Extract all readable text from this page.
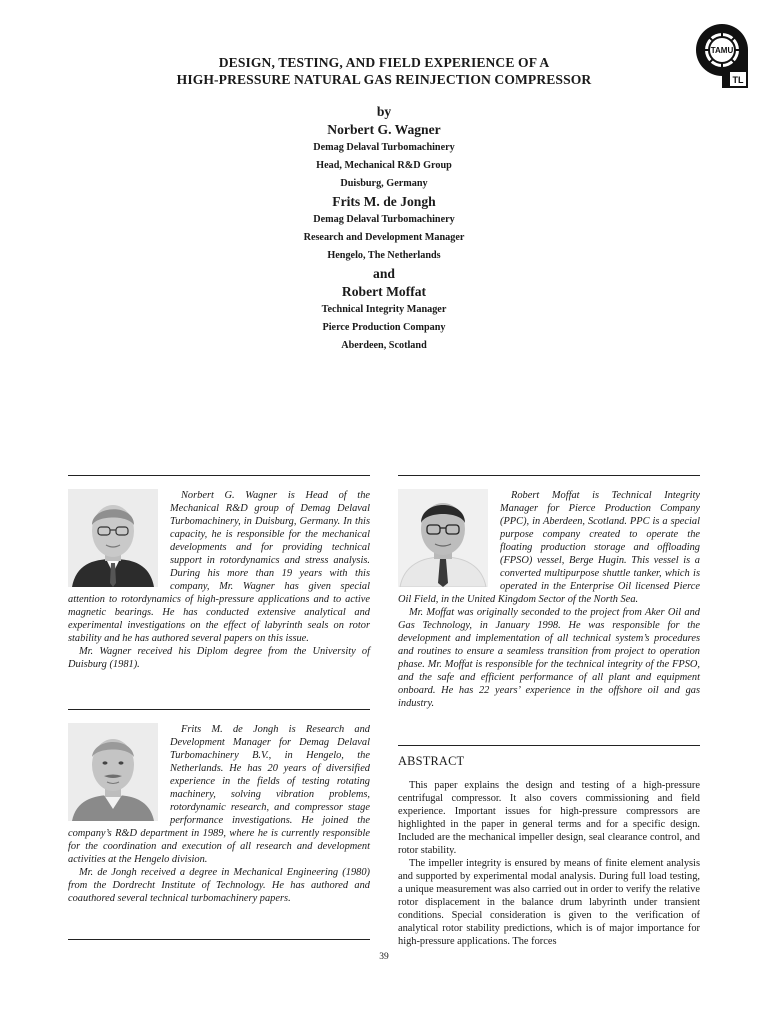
TAMU
TL
DESIGN, TESTING, AND FIELD EXPERIENCE OF A
HIGH-PRESSURE NATURAL GAS REINJECTION COMPRESSOR
by
Norbert G. Wagner
Demag Delaval Turbomachinery
Head, Mechanical R&D Group
Duisburg, Germany
Frits M. de Jongh
Demag Delaval Turbomachinery
Research and Development Manager
Hengelo, The Netherlands
and
Robert Moffat
Technical Integrity Manager
Pierce Production Company
Aberdeen, Scotland

Norbert G. Wagner is Head of the Mechanical R&D group of Demag Delaval Turbomachinery, in Duisburg, Germany. In this capacity, he is responsible for the mechanical developments and for providing technical support in rotordynamics and stress analysis. During his more than 19 years with this company, Mr. Wagner has given special attention to rotordynamics of high-pressure applications and to active magnetic bearings. He has conducted extensive analytical and experimental investigations on the effect of labyrinth seals on rotor stability and he has authored several papers on this issue.

Mr. Wagner received his Diplom degree from the University of Duisburg (1981).

Frits M. de Jongh is Research and Development Manager for Demag Delaval Turbomachinery B.V., in Hengelo, the Netherlands. He has 20 years of diversified experience in the fields of testing rotating machinery, solving vibration problems, rotordynamic research, and compressor stage performance investigations. He joined the company’s R&D department in 1989, where he is currently responsible for the coordination and execution of all research and development activities at the Hengelo division.

Mr. de Jongh received a degree in Mechanical Engineering (1980) from the Dordrecht Institute of Technology. He has authored and coauthored several technical turbomachinery papers.

Robert Moffat is Technical Integrity Manager for Pierce Production Company (PPC), in Aberdeen, Scotland. PPC is a special purpose company created to operate the floating production storage and offloading (FPSO) vessel, Berge Hugin. This vessel is a converted multipurpose shuttle tanker, which is operated in the Enterprise Oil licensed Pierce Oil Field, in the United Kingdom Sector of the North Sea.

Mr. Moffat was originally seconded to the project from Aker Oil and Gas Technology, in January 1998. He was responsible for the development and implementation of all technical system’s procedures and routines to ensure a seamless transition from project to operation phase. Mr. Moffat is responsible for the technical integrity of the FPSO, and the safe and efficient performance of all plant and equipment onboard. He has 22 years’ experience in the offshore oil and gas industry.

ABSTRACT

This paper explains the design and testing of a high-pressure centrifugal compressor. It also covers commissioning and field experience. Important issues for high-pressure compressors are highlighted in the paper in general terms and for a specific design. Included are the mechanical impeller design, seal clearance control, and rotor stability.

The impeller integrity is ensured by means of finite element analysis and supported by experimental modal analysis. During full load testing, a unique measurement was also carried out in order to verify the relative rotor displacement in the balance drum labyrinth under transient conditions. Special consideration is given to the verification of analytical rotor stability predictions, which is of major importance for high-pressure applications. The forces

39
